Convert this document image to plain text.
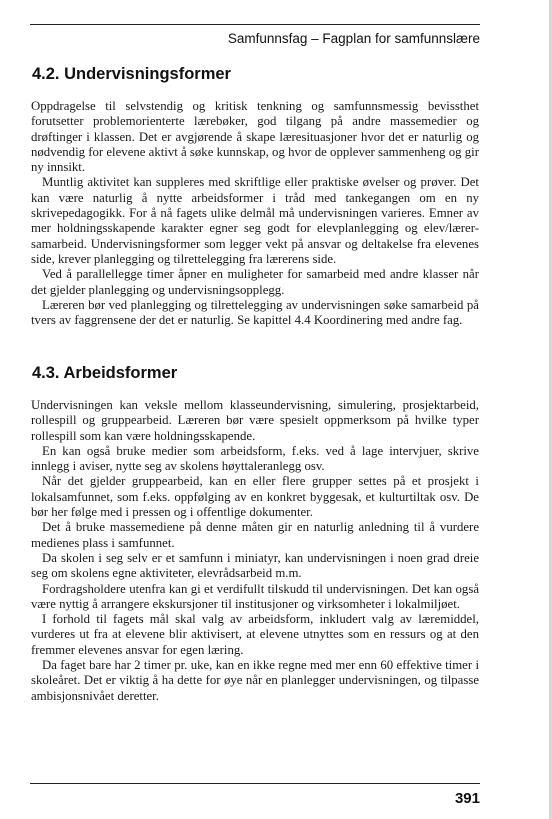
Samfunnsfag – Fagplan for samfunnslære
4.2. Undervisningsformer

Oppdragelse til selvstendig og kritisk tenkning og samfunnsmessig bevissthet forutsetter problemorienterte lærebøker, god tilgang på andre massemedier og drøftinger i klassen. Det er avgjørende å skape læresituasjoner hvor det er naturlig og nødvendig for elevene aktivt å søke kunnskap, og hvor de opplever sammenheng og gir ny innsikt.

Muntlig aktivitet kan suppleres med skriftlige eller praktiske øvelser og prøver. Det kan være naturlig å nytte arbeidsformer i tråd med tankegangen om en ny skrivepedagogikk. For å nå fagets ulike delmål må undervisningen varieres. Emner av mer holdningsskapende karakter egner seg godt for elevplanlegging og elev/lærer-samarbeid. Undervisningsformer som legger vekt på ansvar og deltakelse fra elevenes side, krever planlegging og tilrettelegging fra lærerens side.

Ved å parallellegge timer åpner en muligheter for samarbeid med andre klasser når det gjelder planlegging og undervisningsopplegg.

Læreren bør ved planlegging og tilrettelegging av undervisningen søke samarbeid på tvers av faggrensene der det er naturlig. Se kapittel 4.4 Koordinering med andre fag.

4.3. Arbeidsformer

Undervisningen kan veksle mellom klasseundervisning, simulering, prosjektarbeid, rollespill og gruppearbeid. Læreren bør være spesielt oppmerksom på hvilke typer rollespill som kan være holdningsskapende.

En kan også bruke medier som arbeidsform, f.eks. ved å lage intervjuer, skrive innlegg i aviser, nytte seg av skolens høyttaleranlegg osv.

Når det gjelder gruppearbeid, kan en eller flere grupper settes på et prosjekt i lokalsamfunnet, som f.eks. oppfølging av en konkret byggesak, et kulturtiltak osv. De bør her følge med i pressen og i offentlige dokumenter.

Det å bruke massemediene på denne måten gir en naturlig anledning til å vurdere medienes plass i samfunnet.

Da skolen i seg selv er et samfunn i miniatyr, kan undervisningen i noen grad dreie seg om skolens egne aktiviteter, elevrådsarbeid m.m.

Fordragsholdere utenfra kan gi et verdifullt tilskudd til undervisningen. Det kan også være nyttig å arrangere ekskursjoner til institusjoner og virksomheter i lokalmiljøet.

I forhold til fagets mål skal valg av arbeidsform, inkludert valg av læremiddel, vurderes ut fra at elevene blir aktivisert, at elevene utnyttes som en ressurs og at den fremmer elevenes ansvar for egen læring.

Da faget bare har 2 timer pr. uke, kan en ikke regne med mer enn 60 effektive timer i skoleåret. Det er viktig å ha dette for øye når en planlegger undervisningen, og tilpasse ambisjonsnivået deretter.

391
